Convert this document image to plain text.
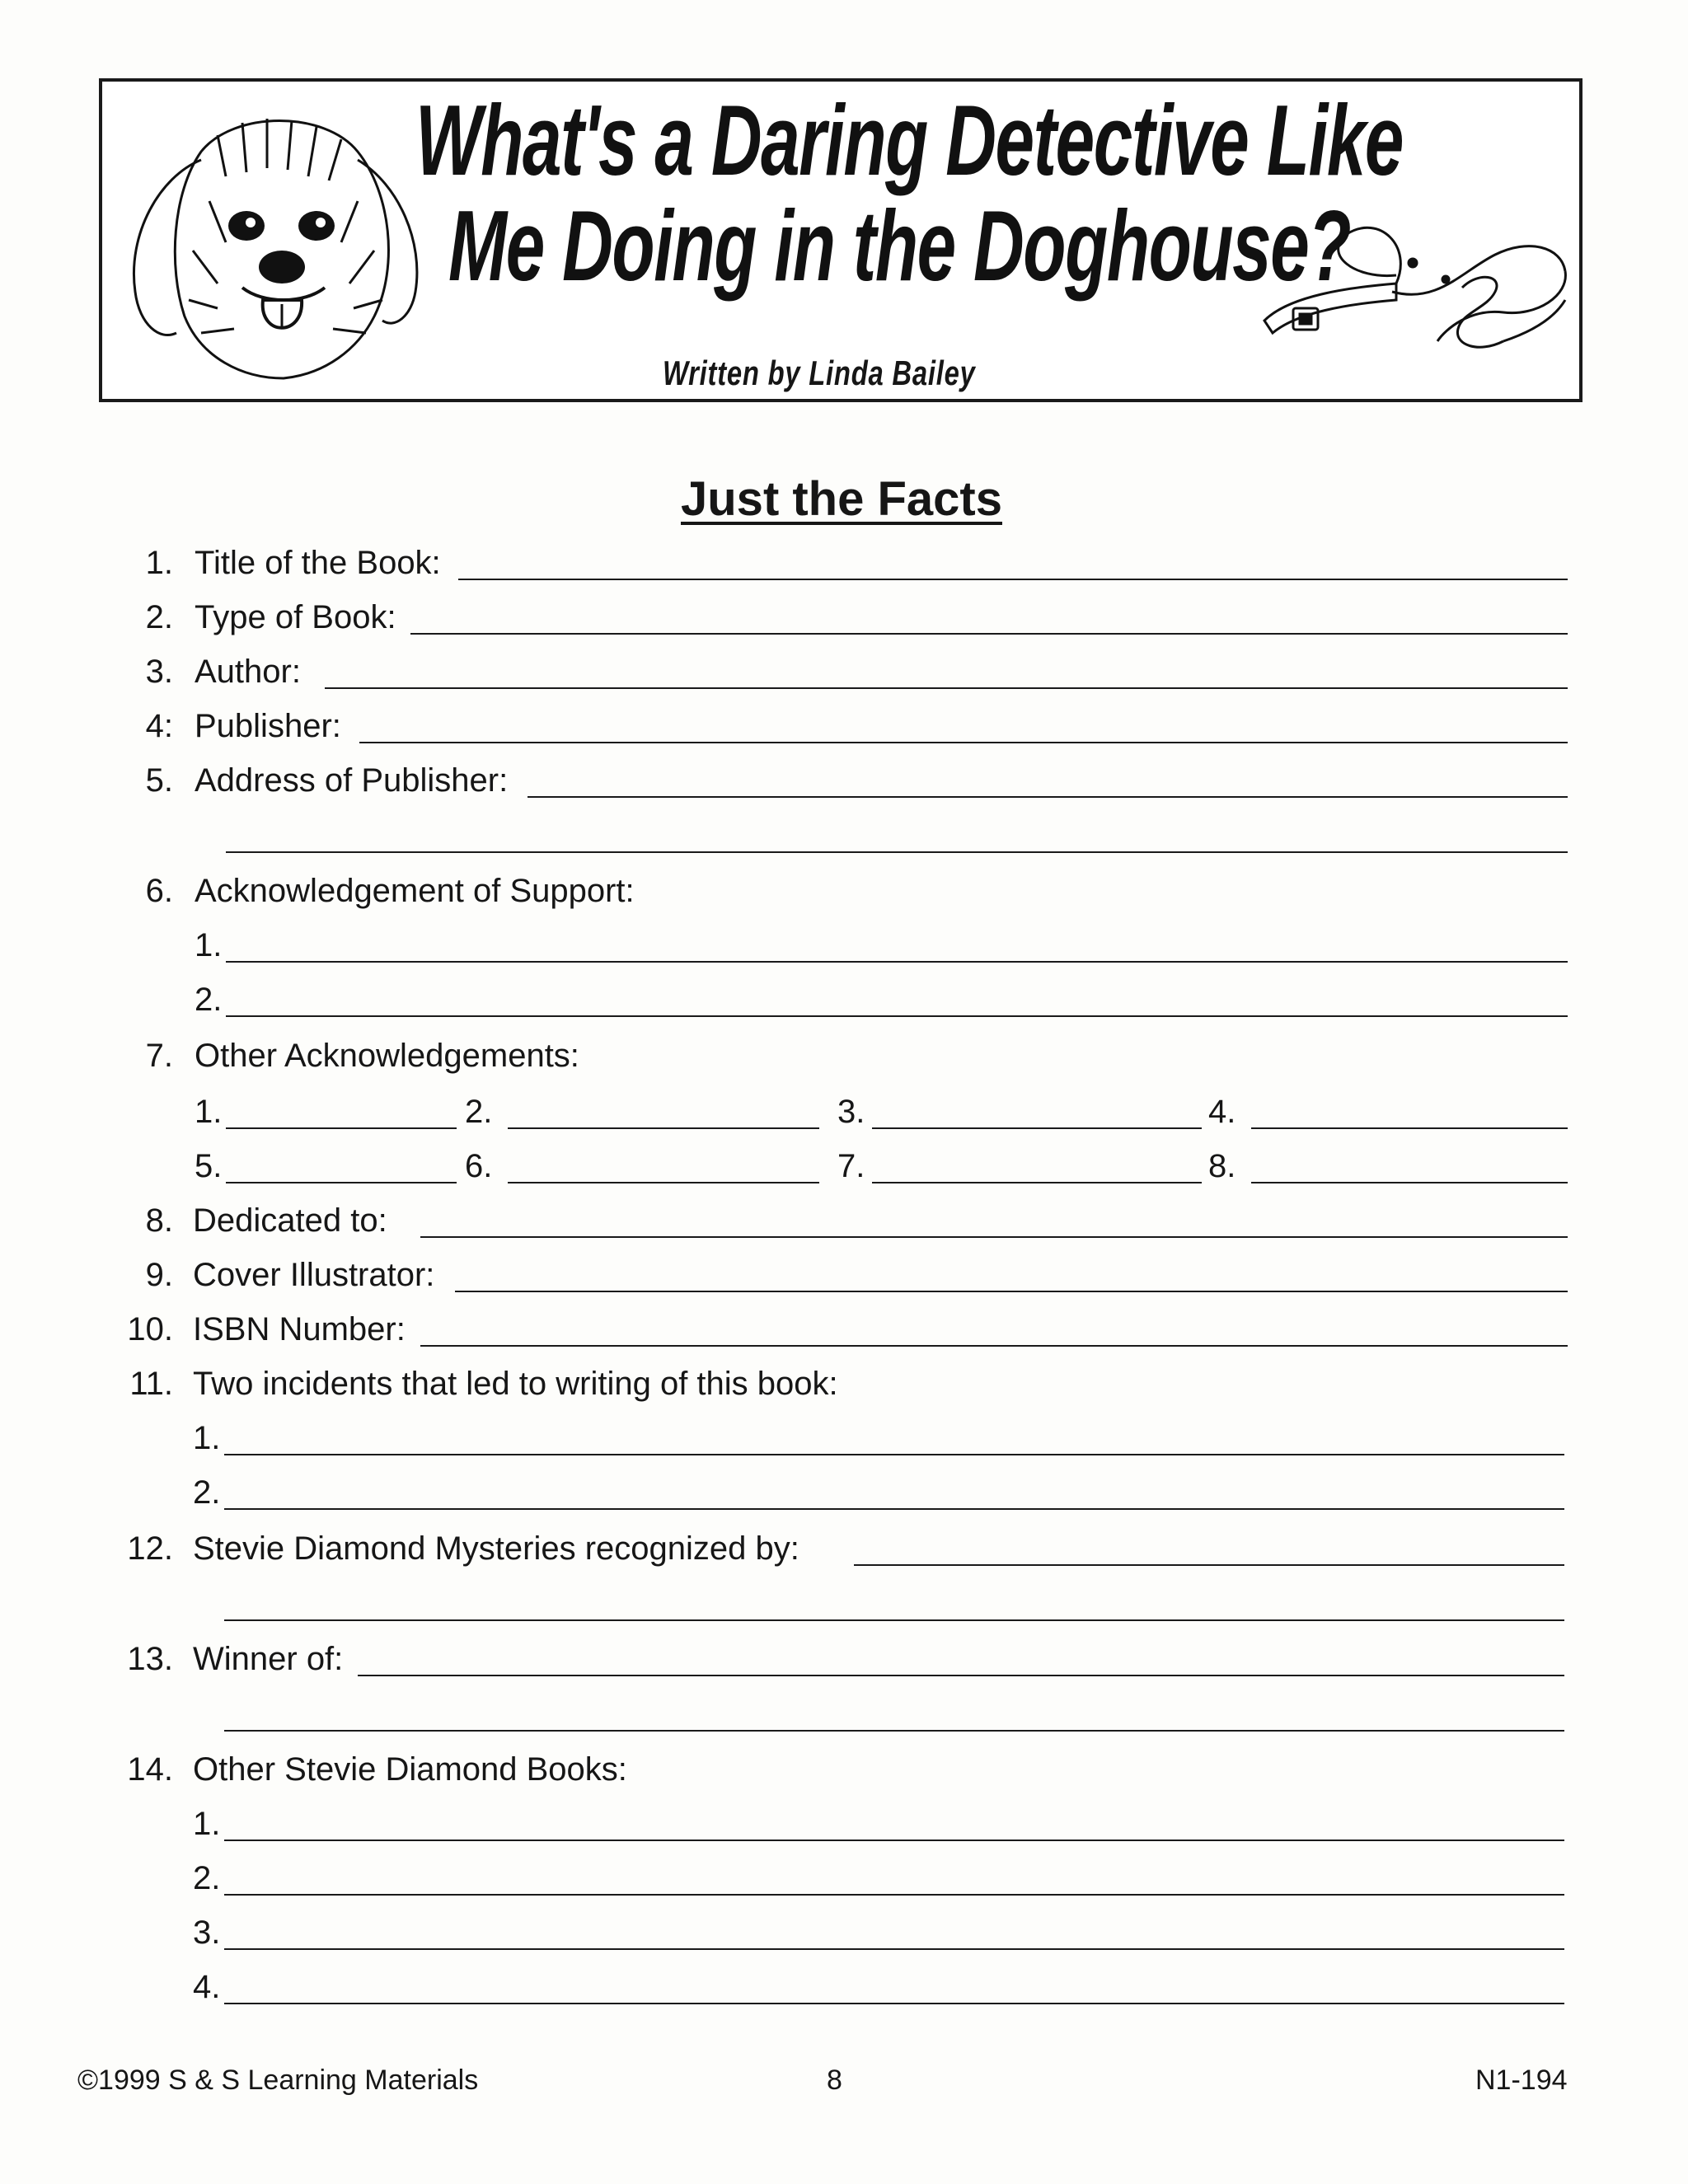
What's a Daring Detective Like

Me Doing in the Doghouse?

Written by Linda Bailey

Just the Facts
1. Title of the Book:
2. Type of Book:
3. Author:
4: Publisher:
5. Address of Publisher:
6. Acknowledgement of Support:
1.
2.
7. Other Acknowledgements:
1.	2.	3.	4.
5.	6.	7.	8.
8. Dedicated to:
9. Cover Illustrator:
10. ISBN Number:
11. Two incidents that led to writing of this book:
1.
2.
12. Stevie Diamond Mysteries recognized by:
13. Winner of:
14. Other Stevie Diamond Books:
1.
2.
3.
4.

©1999 S & S Learning Materials	8	N1-194
